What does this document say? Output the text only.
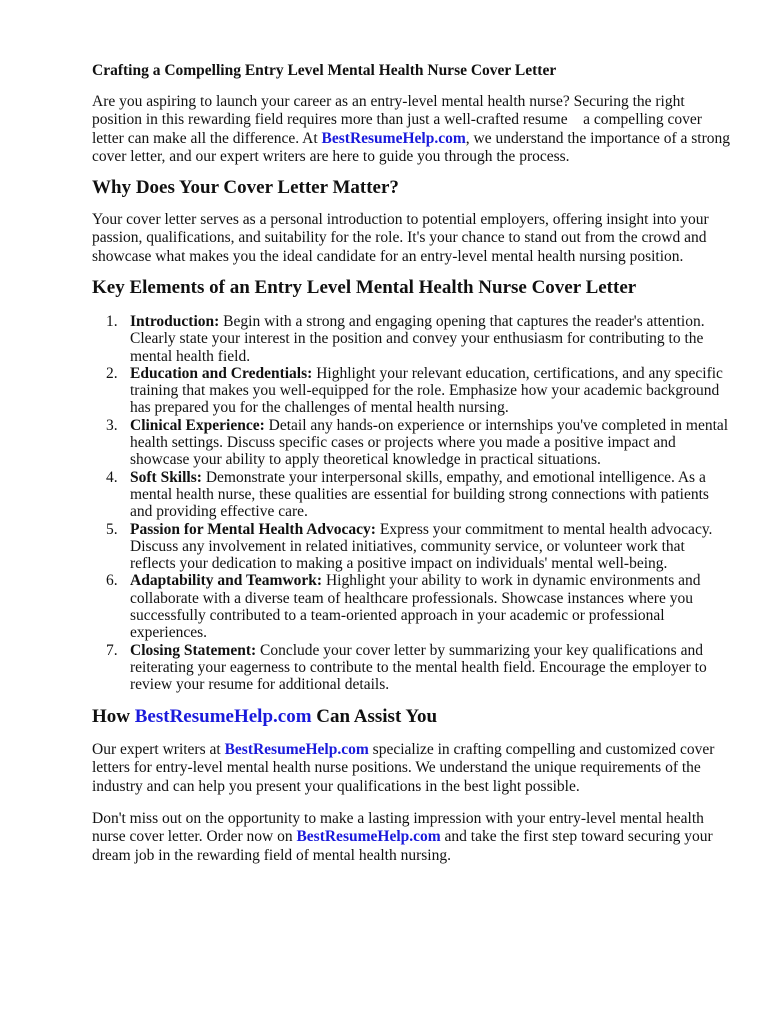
Crafting a Compelling Entry Level Mental Health Nurse Cover Letter

Are you aspiring to launch your career as an entry-level mental health nurse? Securing the right position in this rewarding field requires more than just a well-crafted resume    a compelling cover letter can make all the difference. At BestResumeHelp.com, we understand the importance of a strong cover letter, and our expert writers are here to guide you through the process.

Why Does Your Cover Letter Matter?

Your cover letter serves as a personal introduction to potential employers, offering insight into your passion, qualifications, and suitability for the role. It's your chance to stand out from the crowd and showcase what makes you the ideal candidate for an entry-level mental health nursing position.

Key Elements of an Entry Level Mental Health Nurse Cover Letter
1. Introduction: Begin with a strong and engaging opening that captures the reader's attention. Clearly state your interest in the position and convey your enthusiasm for contributing to the mental health field.
2. Education and Credentials: Highlight your relevant education, certifications, and any specific training that makes you well-equipped for the role. Emphasize how your academic background has prepared you for the challenges of mental health nursing.
3. Clinical Experience: Detail any hands-on experience or internships you've completed in mental health settings. Discuss specific cases or projects where you made a positive impact and showcase your ability to apply theoretical knowledge in practical situations.
4. Soft Skills: Demonstrate your interpersonal skills, empathy, and emotional intelligence. As a mental health nurse, these qualities are essential for building strong connections with patients and providing effective care.
5. Passion for Mental Health Advocacy: Express your commitment to mental health advocacy. Discuss any involvement in related initiatives, community service, or volunteer work that reflects your dedication to making a positive impact on individuals' mental well-being.
6. Adaptability and Teamwork: Highlight your ability to work in dynamic environments and collaborate with a diverse team of healthcare professionals. Showcase instances where you successfully contributed to a team-oriented approach in your academic or professional experiences.
7. Closing Statement: Conclude your cover letter by summarizing your key qualifications and reiterating your eagerness to contribute to the mental health field. Encourage the employer to review your resume for additional details.
How BestResumeHelp.com Can Assist You

Our expert writers at BestResumeHelp.com specialize in crafting compelling and customized cover letters for entry-level mental health nurse positions. We understand the unique requirements of the industry and can help you present your qualifications in the best light possible.

Don't miss out on the opportunity to make a lasting impression with your entry-level mental health nurse cover letter. Order now on BestResumeHelp.com and take the first step toward securing your dream job in the rewarding field of mental health nursing.
